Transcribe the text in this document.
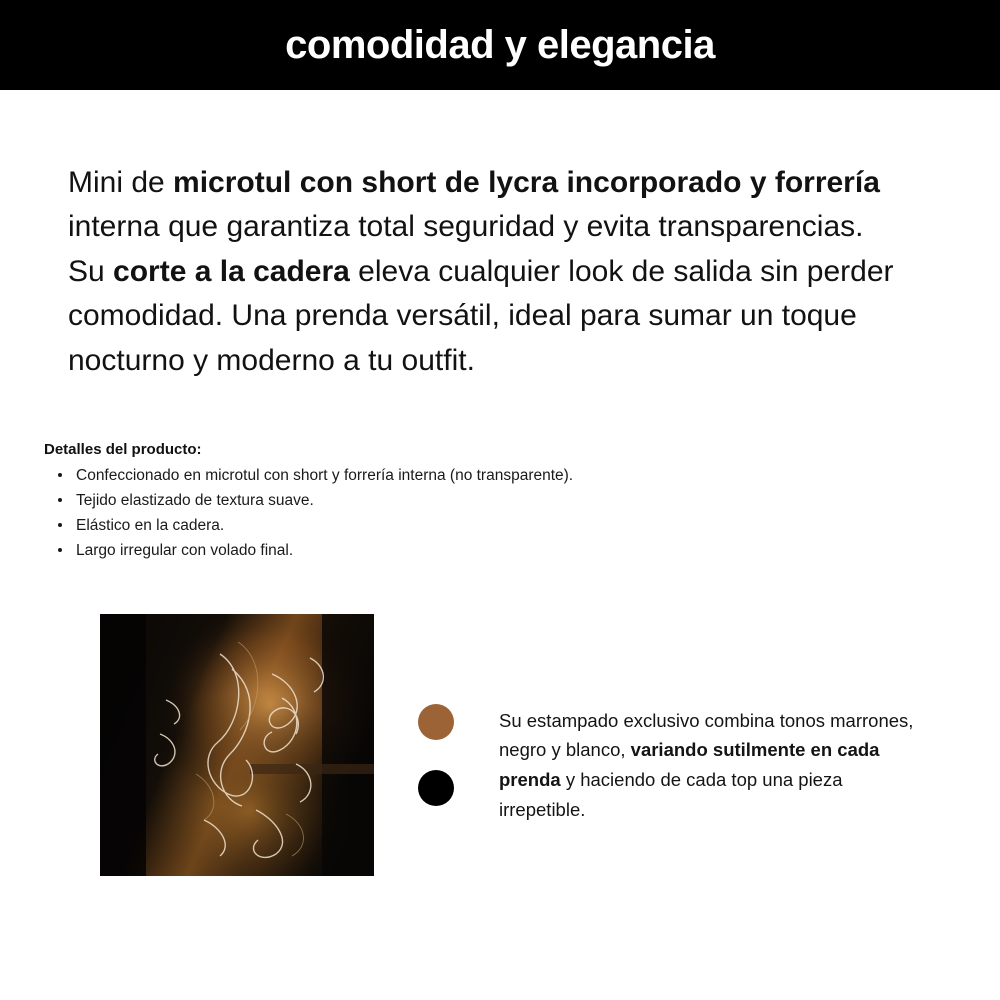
comodidad y elegancia

Mini de microtul con short de lycra incorporado y forrería interna que garantiza total seguridad y evita transparencias. Su corte a la cadera eleva cualquier look de salida sin perder comodidad. Una prenda versátil, ideal para sumar un toque nocturno y moderno a tu outfit.

Detalles del producto:
Confeccionado en microtul con short y forrería interna (no transparente).
Tejido elastizado de textura suave.
Elástico en la cadera.
Largo irregular con volado final.

Su estampado exclusivo combina tonos marrones, negro y blanco, variando sutilmente en cada prenda y haciendo de cada top una pieza irrepetible.
